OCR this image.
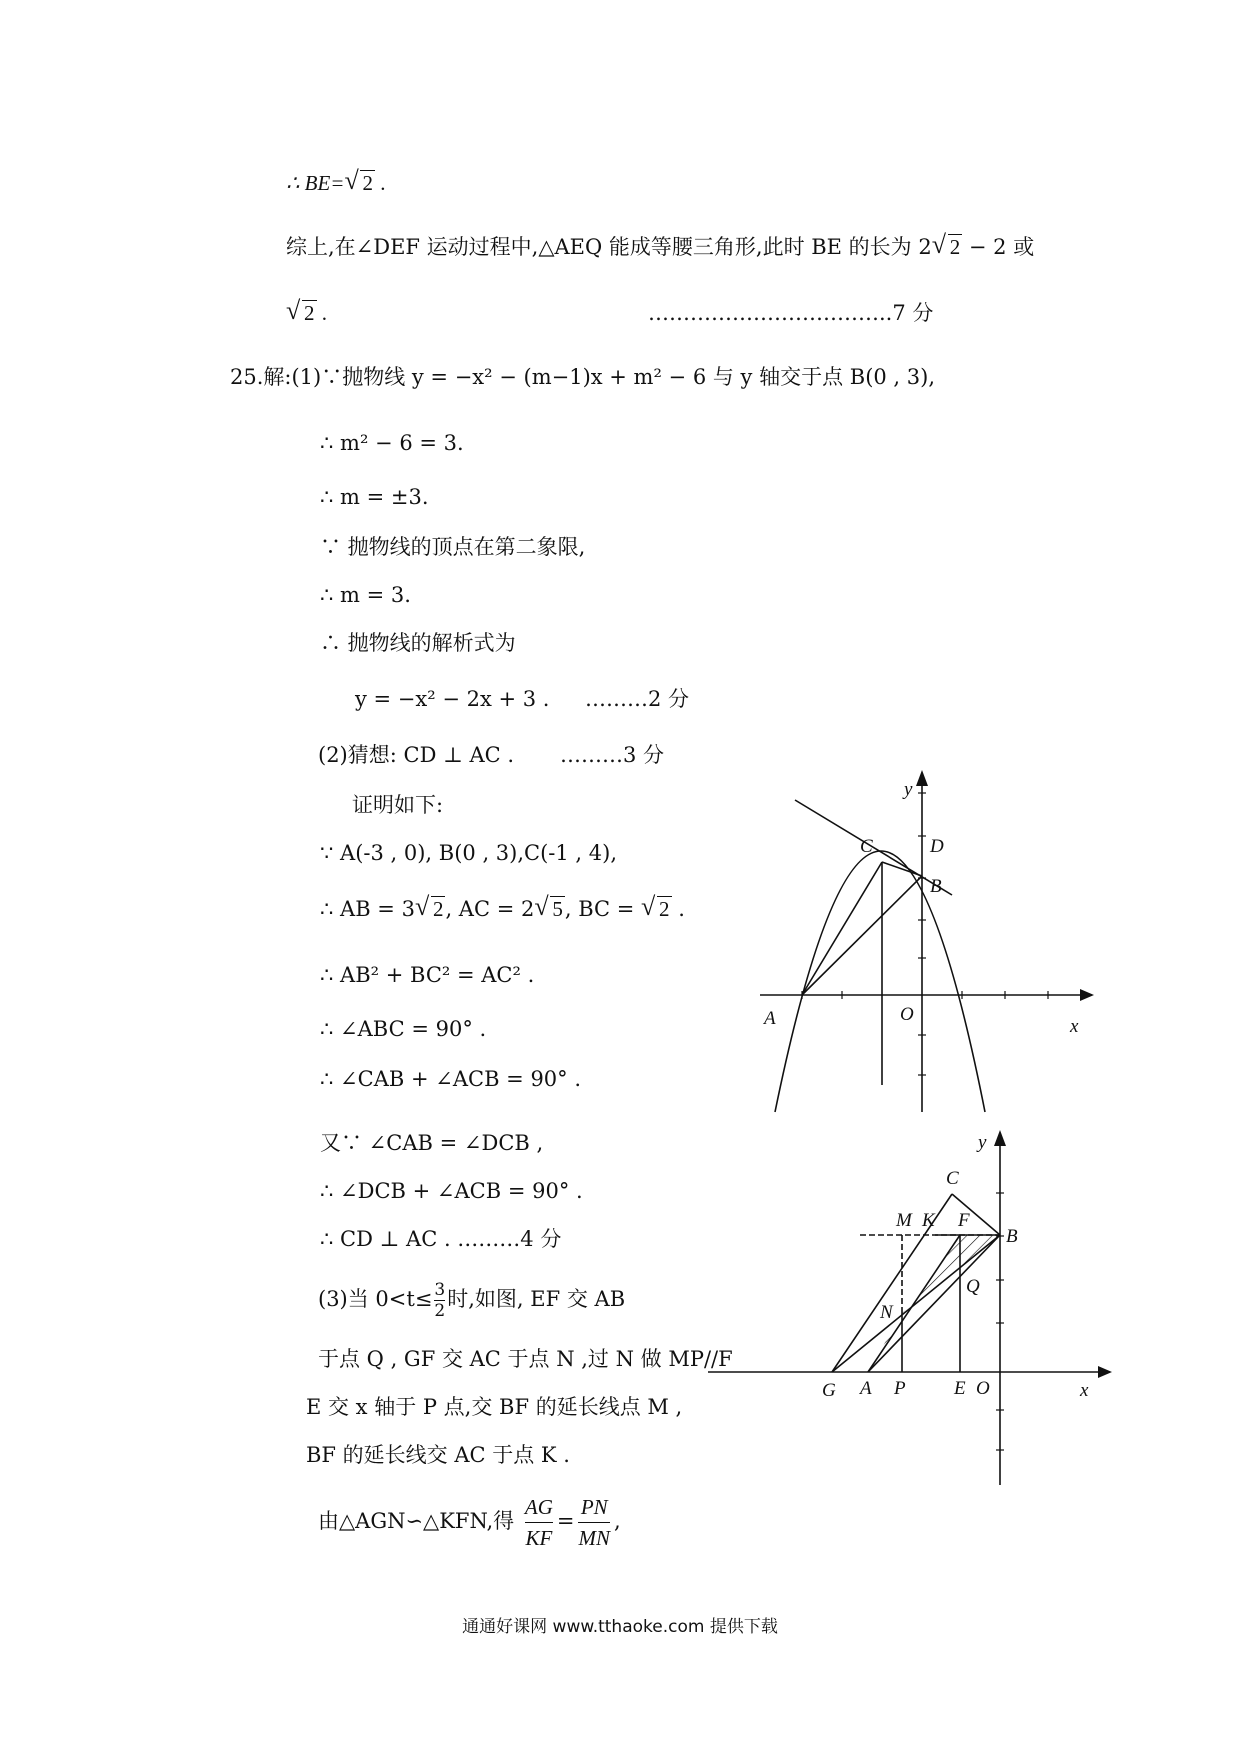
∴ BE= √ 2 .
综上,在∠DEF 运动过程中,△AEQ 能成等腰三角形,此时 BE 的长为 2 √ 2 − 2 或
√ 2 .	……………………………..7 分
25.解:(1)∵抛物线 y = −x² − (m−1)x + m² − 6 与 y 轴交于点 B(0 , 3),
∴ m² − 6 = 3.
∴ m = ±3.
∵ 抛物线的顶点在第二象限,
∴ m = 3.
∴ 抛物线的解析式为
y = −x² − 2x + 3 . ………2 分
(2)猜想: CD ⊥ AC . ………3 分
证明如下:
∵ A(-3 , 0), B(0 , 3),C(-1 , 4),
∴ AB = 3 √ 2, AC = 2 √ 5, BC = √ 2 .
∴ AB² + BC² = AC² .
∴ ∠ABC = 90° .
∴ ∠CAB + ∠ACB = 90° .
又∵ ∠CAB = ∠DCB ,
∴ ∠DCB + ∠ACB = 90° .
∴ CD ⊥ AC . ………4 分
(3)当 $0<t\le \frac{3}{2}$ 时,如图, EF 交 AB
于点 Q , GF 交 AC 于点 N ,过 N 做 MP//F
E 交 x 轴于 P 点,交 BF 的延长线点 M ,
BF 的延长线交 AC 于点 K .
由△AGN∽△KFN,得 $\frac{AG}{KF} = \frac{PN}{MN}$ ,
C	D
B
A	O
x
y
C
M K F
B
N
Q
G A P	E O	x
y
通通好课网 www.tthaoke.com 提供下载
